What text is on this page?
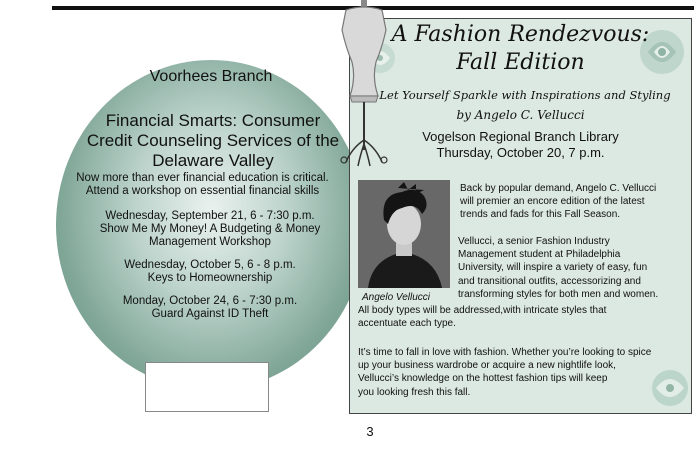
Voorhees Branch
Financial Smarts: Consumer
Credit Counseling Services of the
Delaware Valley
Now more than ever financial education is critical.
Attend a workshop on essential financial skills
Wednesday, September 21, 6 - 7:30 p.m.
Show Me My Money! A Budgeting & Money
Management Workshop
Wednesday, October 5, 6 - 8 p.m.
Keys to Homeownership
Monday, October 24, 6 - 7:30 p.m.
Guard Against ID Theft
A Fashion Rendezvous:
Fall Edition
Let Yourself Sparkle with Inspirations and Styling
by Angelo C. Vellucci
Vogelson Regional Branch Library
Thursday, October 20, 7 p.m.
Angelo Vellucci
Back by popular demand, Angelo C. Vellucci
will premier an encore edition of the latest
trends and fads for this Fall Season.
Vellucci, a senior Fashion Industry
Management student at Philadelphia
University, will inspire a variety of easy, fun
and transitional outfits, accessorizing and
transforming styles for both men and women.
All body types will be addressed,with intricate styles that
accentuate each type.
It’s time to fall in love with fashion. Whether you’re looking to spice
up your business wardrobe or acquire a new nightlife look,
Vellucci’s knowledge on the hottest fashion tips will keep
you looking fresh this fall.
3
